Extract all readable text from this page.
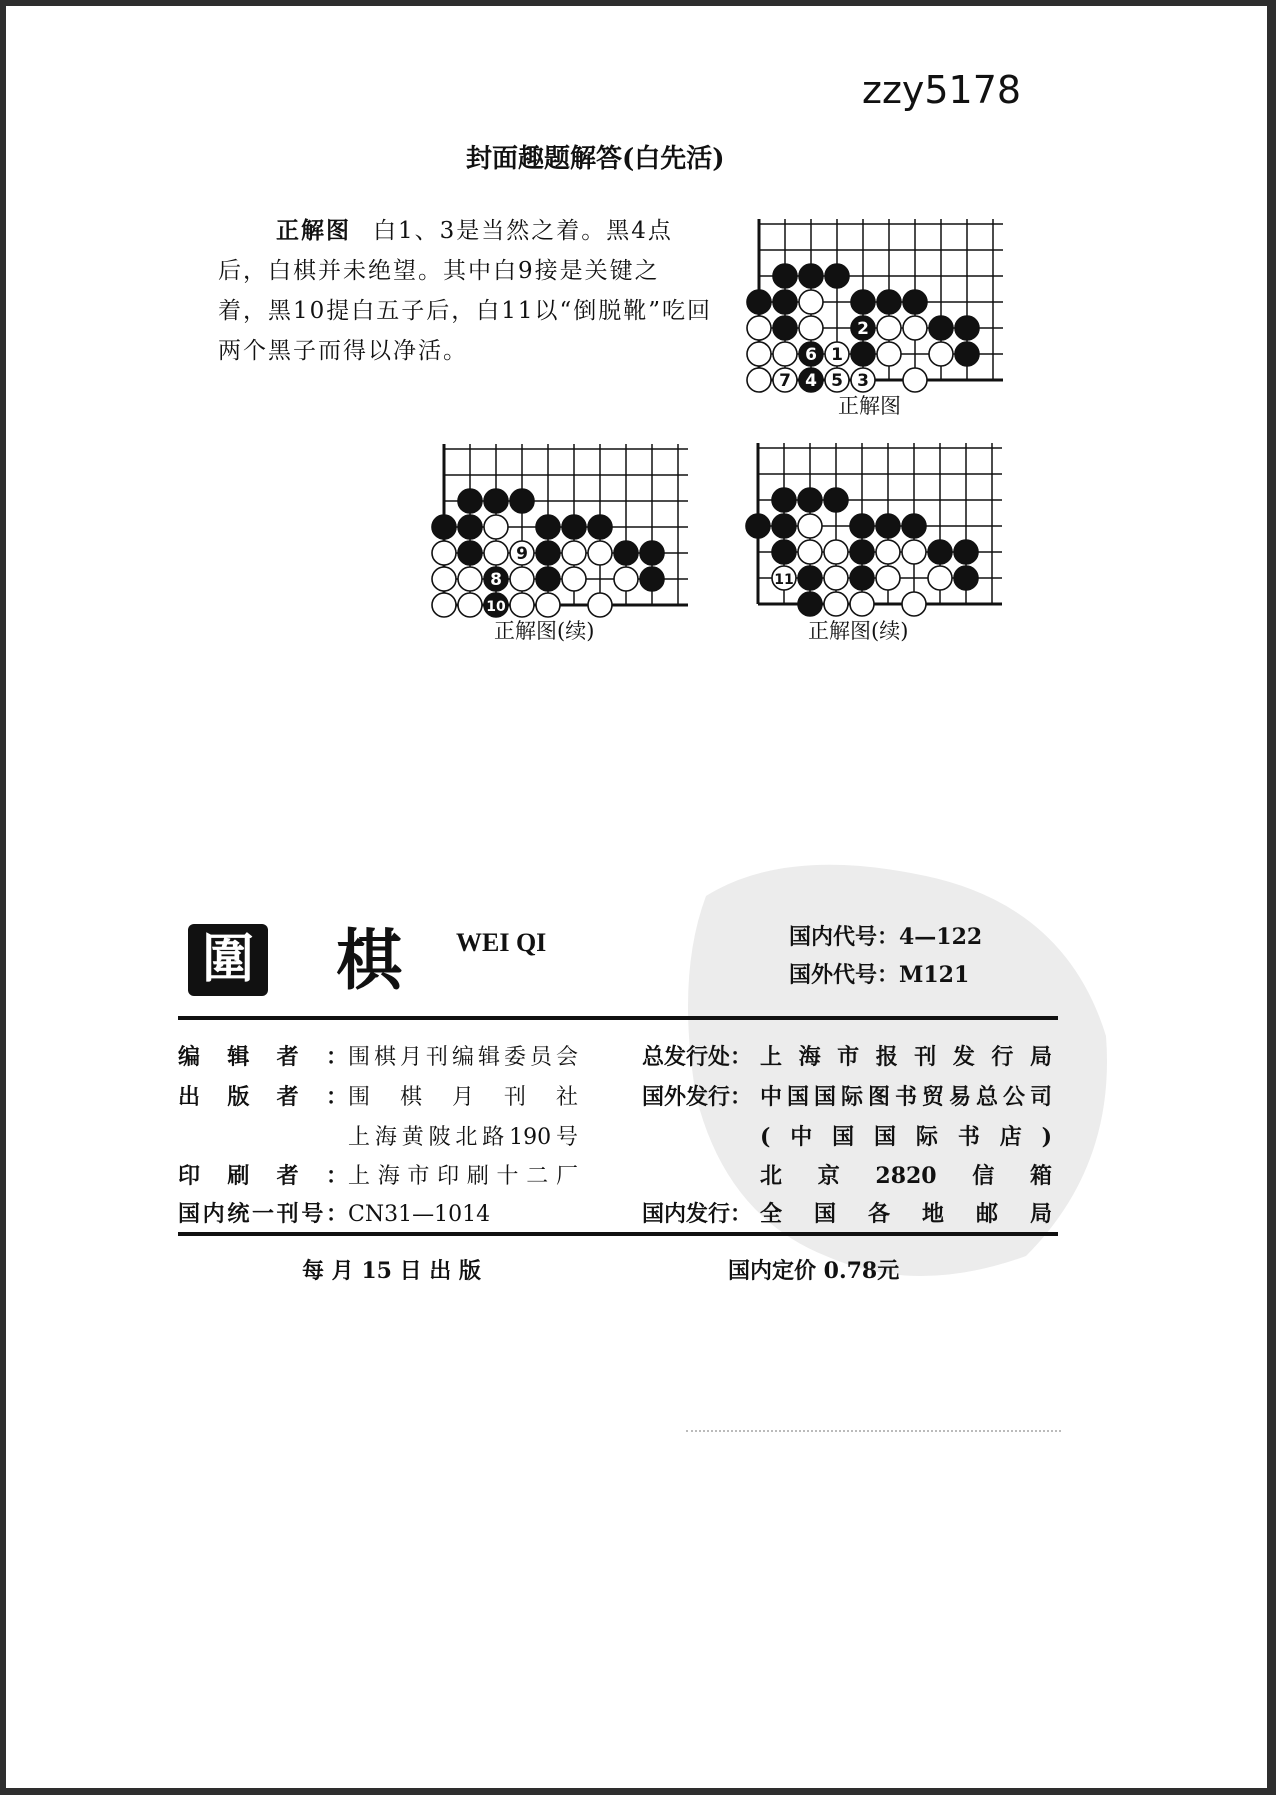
zzy5178
封面趣题解答(白先活)
正解图 白1、3是当然之着。黑4点
后，白棋并未绝望。其中白9接是关键之
着，黑10提白五子后，白11以“倒脱靴”吃回
两个黑子而得以净活。
2
6 1
7 4 5 3
正解图
9
8
10
正解图(续)
11
正解图(续)
圍 棋 WEI QI	国内代号：4—122
国外代号：M121
编辑者：围棋月刊编辑委员会
出版者：围棋月刊社
上海黄陂北路190号
印刷者：上海市印刷十二厂
国内统一刊号：CN31—1014
总发行处： 上海市报刊发行局
国外发行： 中国国际图书贸易总公司
(中国国际书店)
北京2820信箱
国内发行： 全国各地邮局
每 月 15 日 出 版	国内定价 0.78元
